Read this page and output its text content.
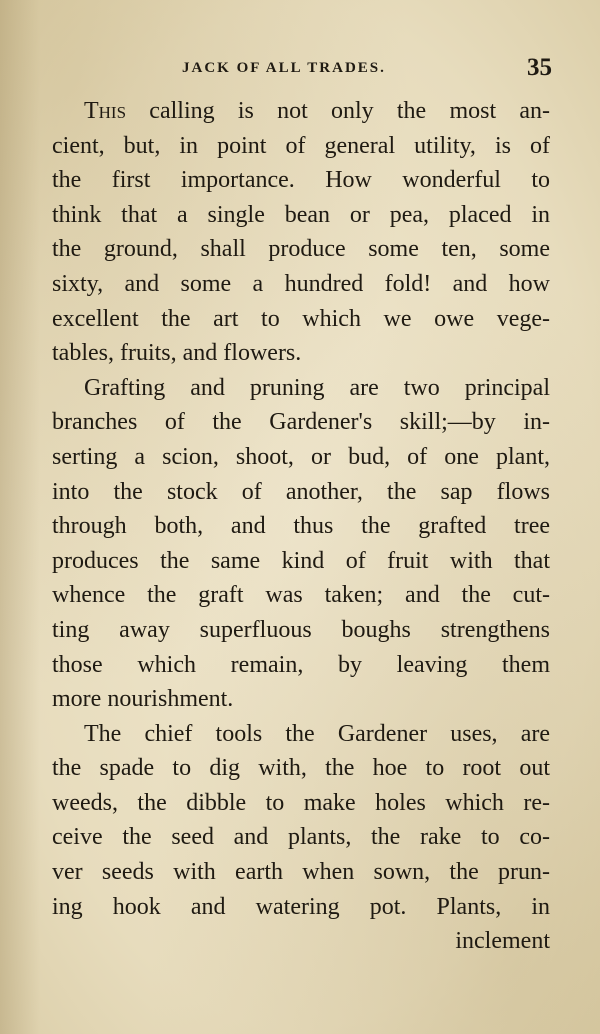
JACK OF ALL TRADES.	35
This calling is not only the most an-
cient, but, in point of general utility, is of
the first importance. How wonderful to
think that a single bean or pea, placed in
the ground, shall produce some ten, some
sixty, and some a hundred fold! and how
excellent the art to which we owe vege-
tables, fruits, and flowers.
Grafting and pruning are two principal
branches of the Gardener's skill;—by in-
serting a scion, shoot, or bud, of one plant,
into the stock of another, the sap flows
through both, and thus the grafted tree
produces the same kind of fruit with that
whence the graft was taken; and the cut-
ting away superfluous boughs strengthens
those which remain, by leaving them
more nourishment.
The chief tools the Gardener uses, are
the spade to dig with, the hoe to root out
weeds, the dibble to make holes which re-
ceive the seed and plants, the rake to co-
ver seeds with earth when sown, the prun-
ing hook and watering pot. Plants, in
inclement
